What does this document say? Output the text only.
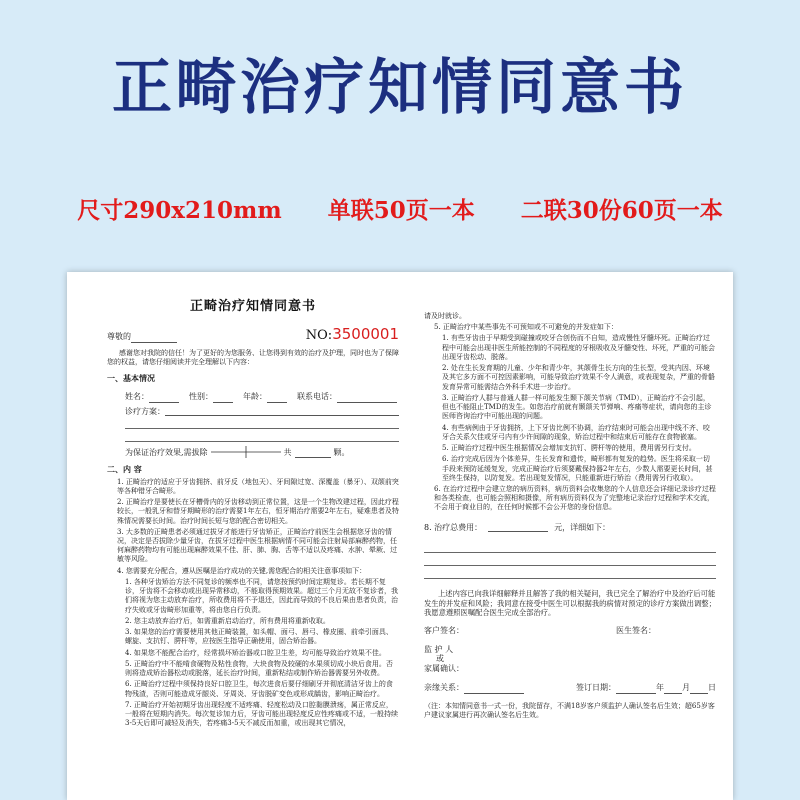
正畸治疗知情同意书
尺寸290x210mm 单联50页一本 二联30份60页一本
正畸治疗知情同意书
尊敬的	NO:3500001
感谢您对我院的信任！为了更好的为您服务、让您得到有效的治疗及护理，同时也为了保障您的权益，请您仔细阅读并完全理解以下内容：
一、基本情况
姓名：	性别：	年龄：	联系电话：
诊疗方案：
为保证治疗效果,需拔除	共	颗。
二、内 容
1. 正畸治疗的适应于牙齿拥挤、前牙反（地包天）、牙间隙过宽、深覆盖（暴牙）、双颌前突等各种错牙合畸形。
2. 正畸治疗是要使长在牙槽骨内的牙齿移动到正常位置，这是一个生物改建过程，因此疗程较长，一般乳牙和替牙期畸形的治疗需要1年左右，恒牙期治疗需要2年左右，疑难患者及特殊情况需要长时间。治疗时间长短与您的配合密切相关。
3. 大多数的正畸患者必须通过拔牙才能进行牙齿矫正，正畸治疗前医生会根据您牙齿的情况，决定是否拔除少量牙齿，在拔牙过程中医生根据病情不同可能会注射局部麻醉药物，任何麻醉药物均有可能出现麻醉效果不佳、肝、肺、胸、舌等不适以及疼痛、水肿、晕厥、过敏等风险。
4. 您需要充分配合，遵从医嘱是治疗成功的关键,需您配合的相关注意事项如下：
1. 各种牙齿矫治方法不同复诊的频率也不同，请您按预约时间定期复诊。若长期不复诊，牙齿将不会移动或出现异常移动，不能取得预期效果。超过三个月无故不复诊者，我们将视为您主动放弃治疗，所收费用将不予退还，因此而导致的不良后果由患者负责，治疗失败或牙齿畸形加重等，将由您自行负责。
2. 您主动放弃治疗后，如需重新启动治疗，所有费用将重新收取。
3. 如果您的治疗需要使用其他正畸装置，如头帽、面弓、唇弓、橡皮圈、前牵引面具、螺旋、支抗钉、腭杆等，应按医生指导正确使用，固合矫治器。
4. 如果您不能配合治疗，经常损坏矫治器或口腔卫生差，均可能导致治疗效果不佳。
5. 正畸治疗中不能啃食硬物及粘性食物，大块食物及较硬的水果须切成小块后食用。否则将造成矫治器松动或脱落，延长治疗时间，重新粘结或制作矫治器需要另外收费。
6. 正畸治疗过程中须保持良好口腔卫生，每次进食后要仔细刷牙并彻底清洁牙齿上的食物残渣，否则可能造成牙龈炎、牙周炎、牙齿脱矿变色或形成龋齿，影响正畸治疗。
7. 正畸治疗开始初期牙齿出现轻度不适疼痛、轻度松动及口腔黏膜溃疡，属正常反应，一般将在短期内消失。每次复诊加力后，牙齿可能出现轻度反应性疼痛或不适，一般持续3-5天后即可减轻及消失，若疼痛3-5天不减反而加重，或出现其它情况，
请及时就诊。
5. 正畸治疗中某些事先不可预知或不可避免的并发症如下：
1. 有些牙齿由于早期受到碰撞或咬牙合创伤而不自知，造成慢性牙髓坏死。正畸治疗过程中可能会出现非医生所能控制的不同程度的牙根吸收及牙髓变性、坏死，严重的可能会出现牙齿松动、脱落。
2. 处在生长发育期的儿童、少年和青少年，其颌骨生长方向的生长型，受其内因、环境及其它多方面不可控因素影响，可能导致治疗效果不令人满意，或表现复杂，严重的骨骼发育异常可能需结合外科手术进一步治疗。
3. 正畸治疗人群与普通人群一样可能发生颞下颌关节病（TMD），正畸治疗不会引起，但也不能阻止TMD的发生。如您治疗前就有颞颌关节弹响、疼痛等症状，请向您的主诊医师咨询治疗中可能出现的问题。
4. 有些病例由于牙齿拥挤，上下牙齿比例不协调，治疗结束时可能会出现中线不齐、咬牙合关系欠佳或牙弓内有少许间隙的现象，矫治过程中和结束后可能存在食物嵌塞。
5. 正畸治疗过程中医生根据情况会增加支抗钉、腭杆等的使用，费用需另行支付。
6. 治疗完成后因为个体差异，生长发育和遗传，畸形都有复发的趋势。医生将采取一切手段来预防延缓复发，完成正畸治疗后须要戴保持器2年左右，少数人需要更长时间，甚至终生保持，以防复发。若出现复发情况，只能重新进行矫治（费用需另行收取）。
6. 在治疗过程中会建立您的病历资料，病历资料会收集您的个人信息还会详细记录诊疗过程和各类检查，也可能会照相和摄像，所有病历资料仅为了完整地记录治疗过程和学术交流，不会用于商业目的，在任何时候都不会公开您的身份信息。
8. 治疗总费用：	元，详细如下：
上述内容已向我详细解释并且解答了我的相关疑问，我已完全了解治疗中及治疗后可能发生的并发症和风险；我同意在接受中医生可以根据我的病情对预定的诊疗方案做出调整；我愿意遵照医嘱配合医生完成全部治疗。
客户签名：	医生签名：
监 护 人
或
家属确认：
亲缘关系：	签订日期：	年 月 日
（注：本知情同意书一式一份，我院留存，不满18岁客户须监护人确认签名后生效；超65岁客户建议家属进行再次确认签名后生效。
